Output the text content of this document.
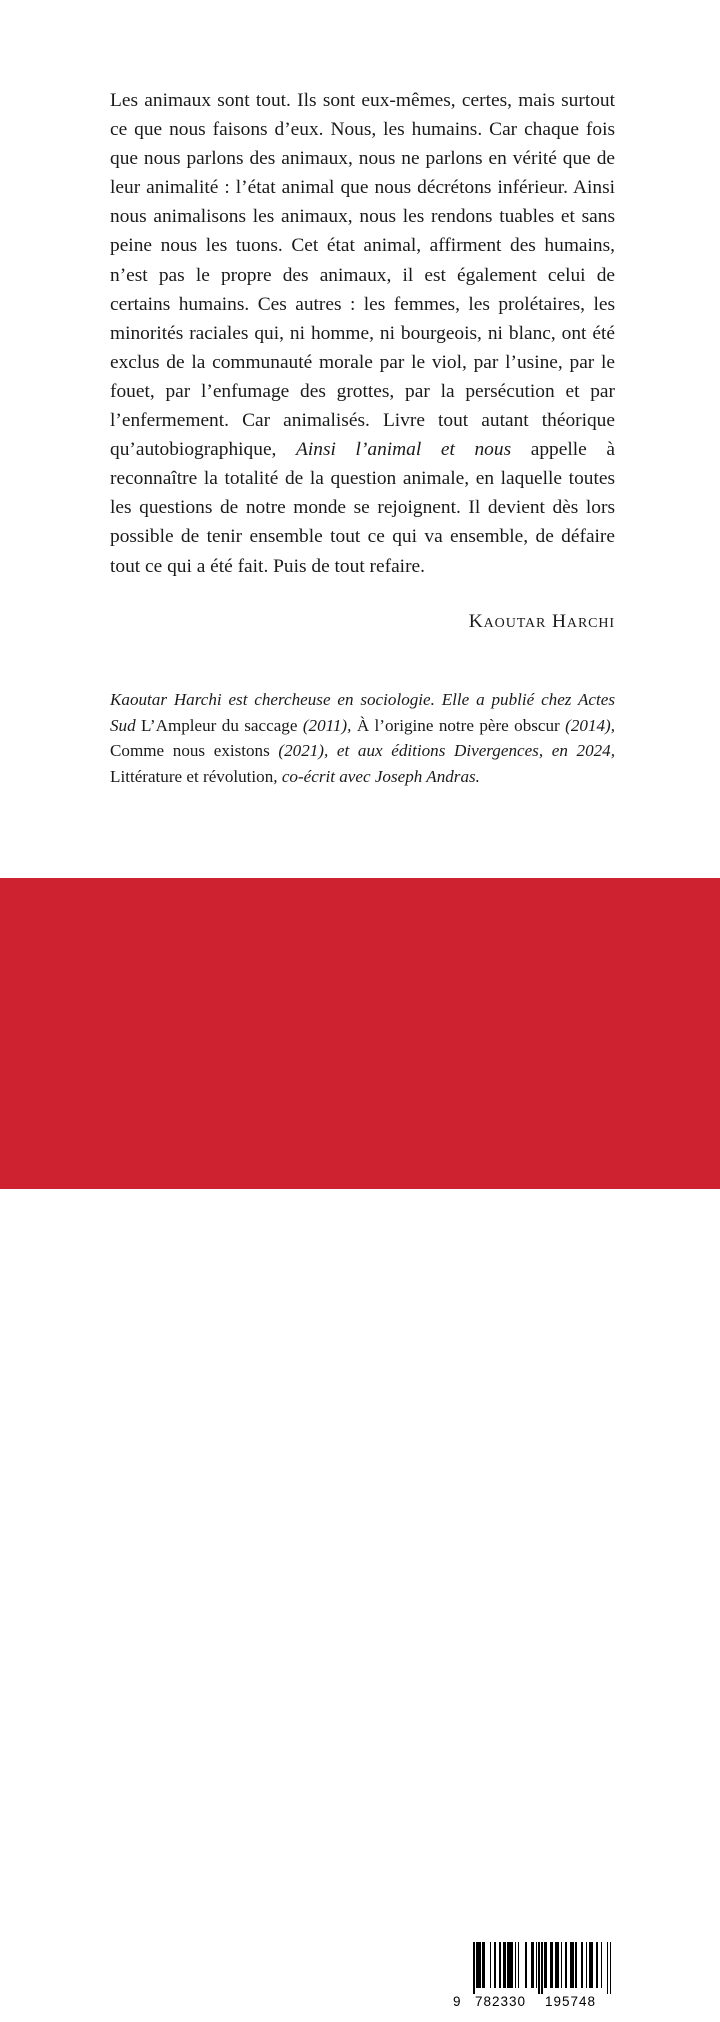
Les animaux sont tout. Ils sont eux-mêmes, certes, mais surtout ce que nous faisons d’eux. Nous, les humains. Car chaque fois que nous parlons des animaux, nous ne parlons en vérité que de leur animalité : l’état animal que nous décrétons inférieur. Ainsi nous animalisons les animaux, nous les rendons tuables et sans peine nous les tuons. Cet état animal, affirment des humains, n’est pas le propre des animaux, il est également celui de certains humains. Ces autres : les femmes, les prolétaires, les minorités raciales qui, ni homme, ni bourgeois, ni blanc, ont été exclus de la communauté morale par le viol, par l’usine, par le fouet, par l’enfumage des grottes, par la persécution et par l’enfermement. Car animalisés. Livre tout autant théorique qu’autobiographique, Ainsi l’animal et nous appelle à reconnaître la totalité de la question animale, en laquelle toutes les questions de notre monde se rejoignent. Il devient dès lors possible de tenir ensemble tout ce qui va ensemble, de défaire tout ce qui a été fait. Puis de tout refaire.

Kaoutar Harchi

Kaoutar Harchi est chercheuse en sociologie. Elle a publié chez Actes Sud L’Ampleur du saccage (2011), À l’origine notre père obscur (2014), Comme nous existons (2021), et aux éditions Divergences, en 2024, Littérature et révolution, co-écrit avec Joseph Andras.

ACTES SUD

www.actes-sud.fr

DÉP. LÉG. : SEPT. 2024 / 22,50 € TTC France

9 782330 195748
